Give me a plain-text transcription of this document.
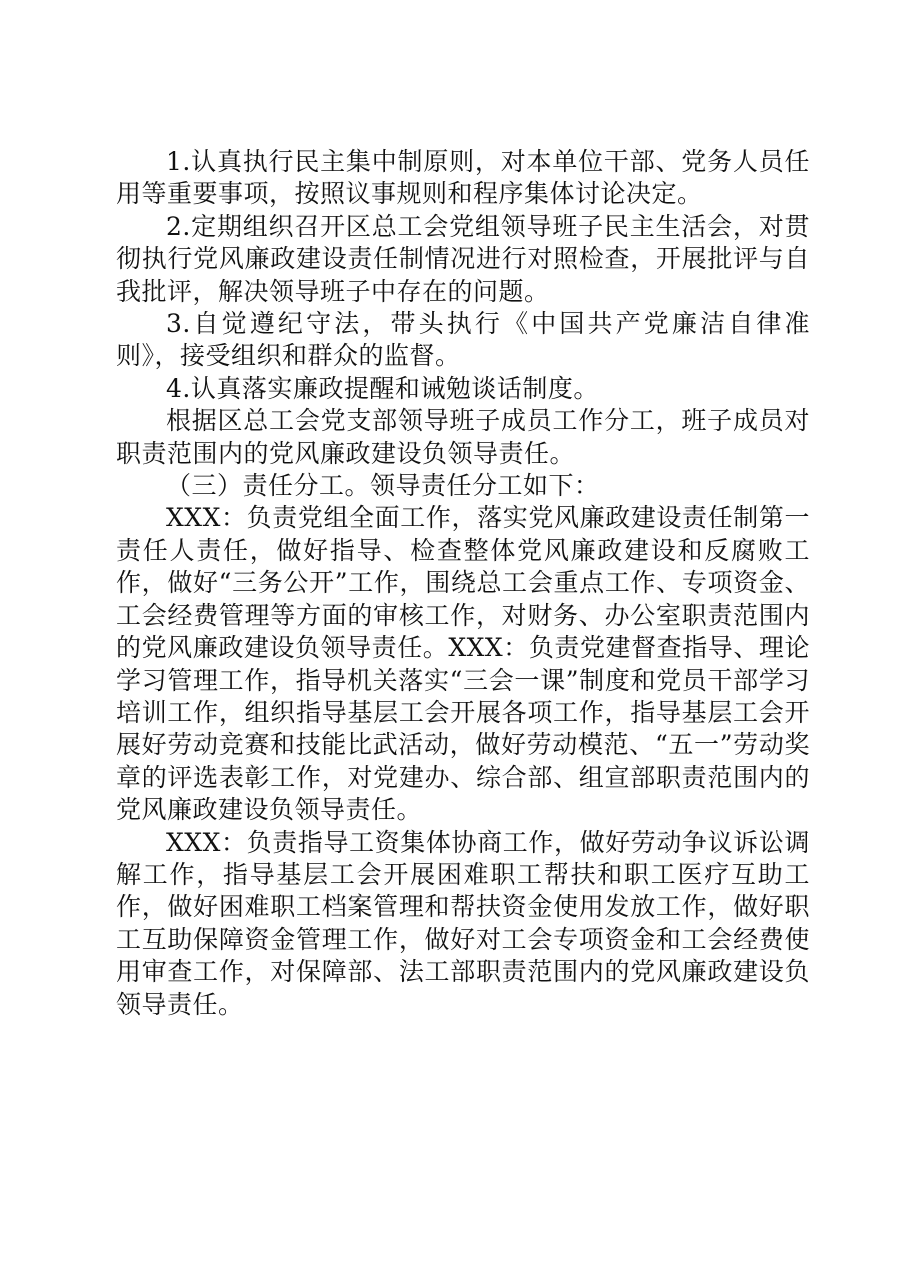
1.认真执行民主集中制原则，对本单位干部、党务人员任用等重要事项，按照议事规则和程序集体讨论决定。

2.定期组织召开区总工会党组领导班子民主生活会，对贯彻执行党风廉政建设责任制情况进行对照检查，开展批评与自我批评，解决领导班子中存在的问题。

3.自觉遵纪守法，带头执行《中国共产党廉洁自律准则》，接受组织和群众的监督。

4.认真落实廉政提醒和诫勉谈话制度。

根据区总工会党支部领导班子成员工作分工，班子成员对职责范围内的党风廉政建设负领导责任。

（三）责任分工。领导责任分工如下：

XXX：负责党组全面工作，落实党风廉政建设责任制第一责任人责任，做好指导、检查整体党风廉政建设和反腐败工作，做好“三务公开”工作，围绕总工会重点工作、专项资金、工会经费管理等方面的审核工作，对财务、办公室职责范围内的党风廉政建设负领导责任。XXX：负责党建督查指导、理论学习管理工作，指导机关落实“三会一课”制度和党员干部学习培训工作，组织指导基层工会开展各项工作，指导基层工会开展好劳动竞赛和技能比武活动，做好劳动模范、“五一”劳动奖章的评选表彰工作，对党建办、综合部、组宣部职责范围内的党风廉政建设负领导责任。

XXX：负责指导工资集体协商工作，做好劳动争议诉讼调解工作，指导基层工会开展困难职工帮扶和职工医疗互助工作，做好困难职工档案管理和帮扶资金使用发放工作，做好职工互助保障资金管理工作，做好对工会专项资金和工会经费使用审查工作，对保障部、法工部职责范围内的党风廉政建设负领导责任。
